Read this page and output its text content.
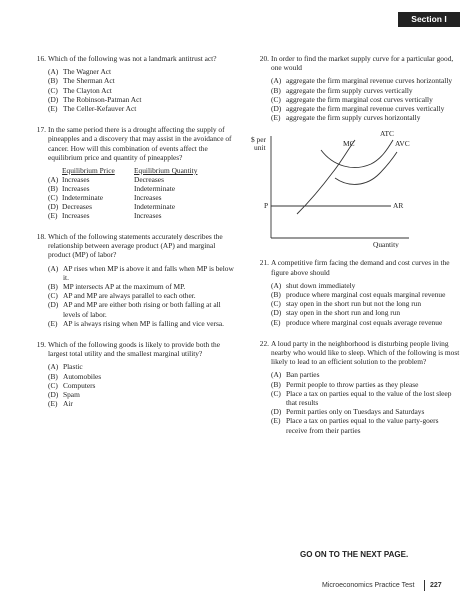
Section I
16. Which of the following was not a landmark antitrust act?
(A) The Wagner Act
(B) The Sherman Act
(C) The Clayton Act
(D) The Robinson-Patman Act
(E) The Celler-Kefauver Act
17. In the same period there is a drought affecting the supply of pineapples and a discovery that may assist in the avoidance of cancer. How will this combination of events affect the equilibrium price and quantity of pineapples?
	Equilibrium Price	Equilibrium Quantity
(A)	Increases	Decreases
(B)	Increases	Indeterminate
(C)	Indeterminate	Increases
(D)	Decreases	Indeterminate
(E)	Increases	Increases
18. Which of the following statements accurately describes the relationship between average product (AP) and marginal product (MP) of labor?
(A) AP rises when MP is above it and falls when MP is below it.
(B) MP intersects AP at the maximum of MP.
(C) AP and MP are always parallel to each other.
(D) AP and MP are either both rising or both falling at all levels of labor.
(E) AP is always rising when MP is falling and vice versa.
19. Which of the following goods is likely to provide both the largest total utility and the smallest marginal utility?
(A) Plastic
(B) Automobiles
(C) Computers
(D) Spam
(E) Air
20. In order to find the market supply curve for a particular good, one would
(A) aggregate the firm marginal revenue curves horizontally
(B) aggregate the firm supply curves vertically
(C) aggregate the firm marginal cost curves vertically
(D) aggregate the firm marginal revenue curves vertically
(E) aggregate the firm supply curves horizontally
$ per
unit
P
MC
ATC
AVC
AR
Quantity
21. A competitive firm facing the demand and cost curves in the figure above should
(A) shut down immediately
(B) produce where marginal cost equals marginal revenue
(C) stay open in the short run but not the long run
(D) stay open in the short run and long run
(E) produce where marginal cost equals average revenue
22. A loud party in the neighborhood is disturbing people living nearby who would like to sleep. Which of the following is most likely to lead to an efficient solution to the problem?
(A) Ban parties
(B) Permit people to throw parties as they please
(C) Place a tax on parties equal to the value of the lost sleep that results
(D) Permit parties only on Tuesdays and Saturdays
(E) Place a tax on parties equal to the value party-goers receive from their parties
GO ON TO THE NEXT PAGE.
Microeconomics Practice Test 227
